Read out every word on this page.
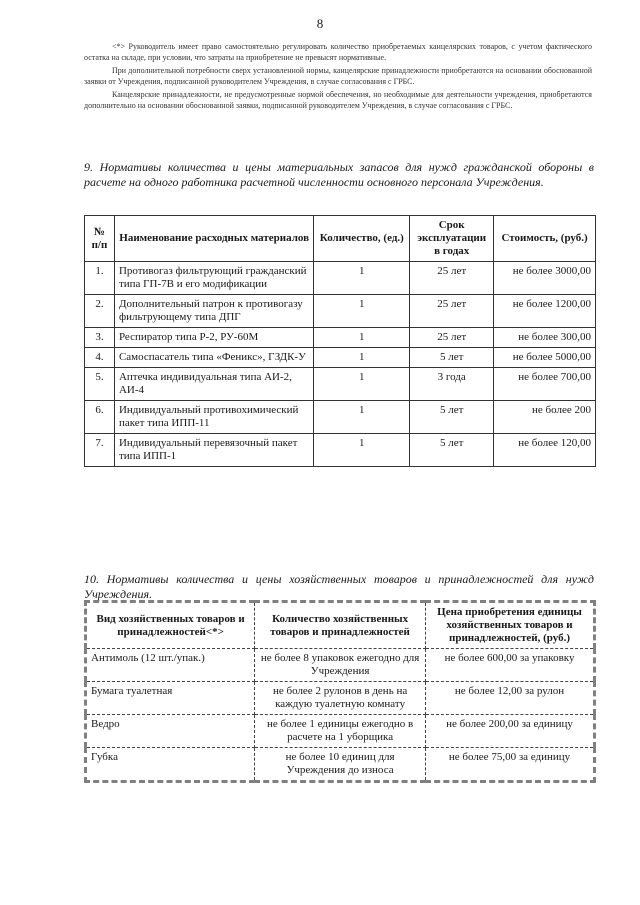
8

<*> Руководитель имеет право самостоятельно регулировать количество приобретаемых канцелярских товаров, с учетом фактического остатка на складе, при условии, что затраты на приобретение не превысят нормативные.

При дополнительной потребности сверх установленной нормы, канцелярские принадлежности приобретаются на основании обоснованной заявки от Учреждения, подписанной руководителем Учреждения, в случае согласования с ГРБС.

Канцелярские принадлежности, не предусмотренные нормой обеспечения, но необходимые для деятельности учреждения, приобретаются дополнительно на основании обоснованной заявки, подписанной руководителем Учреждения, в случае согласования с ГРБС.

9. Нормативы количества и цены материальных запасов для нужд гражданской обороны в расчете на одного работника расчетной численности основного персонала Учреждения.
№ п/п	Наименование расходных материалов	Количество, (ед.)	Срок эксплуатации в годах	Стоимость, (руб.)
1.	Противогаз фильтрующий гражданский типа ГП-7В и его модификации	1	25 лет	не более 3000,00
2.	Дополнительный патрон к противогазу фильтрующему типа ДПГ	1	25 лет	не более 1200,00
3.	Респиратор типа Р-2, РУ-60М	1	25 лет	не более 300,00
4.	Самоспасатель типа «Феникс», ГЗДК-У	1	5 лет	не более 5000,00
5.	Аптечка индивидуальная типа АИ-2, АИ-4	1	3 года	не более 700,00
6.	Индивидуальный противохимический пакет типа ИПП-11	1	5 лет	не более 200
7.	Индивидуальный перевязочный пакет типа ИПП-1	1	5 лет	не более 120,00
10. Нормативы количества и цены хозяйственных товаров и принадлежностей для нужд Учреждения.
Вид хозяйственных товаров и принадлежностей<*>	Количество хозяйственных товаров и принадлежностей	Цена приобретения единицы хозяйственных товаров и принадлежностей, (руб.)
Антимоль (12 шт./упак.)	не более 8 упаковок ежегодно для Учреждения	не более 600,00 за упаковку
Бумага туалетная	не более 2 рулонов в день на каждую туалетную комнату	не более 12,00 за рулон
Ведро	не более 1 единицы ежегодно в расчете на 1 уборщика	не более 200,00 за единицу
Губка	не более 10 единиц для Учреждения до износа	не более 75,00 за единицу
